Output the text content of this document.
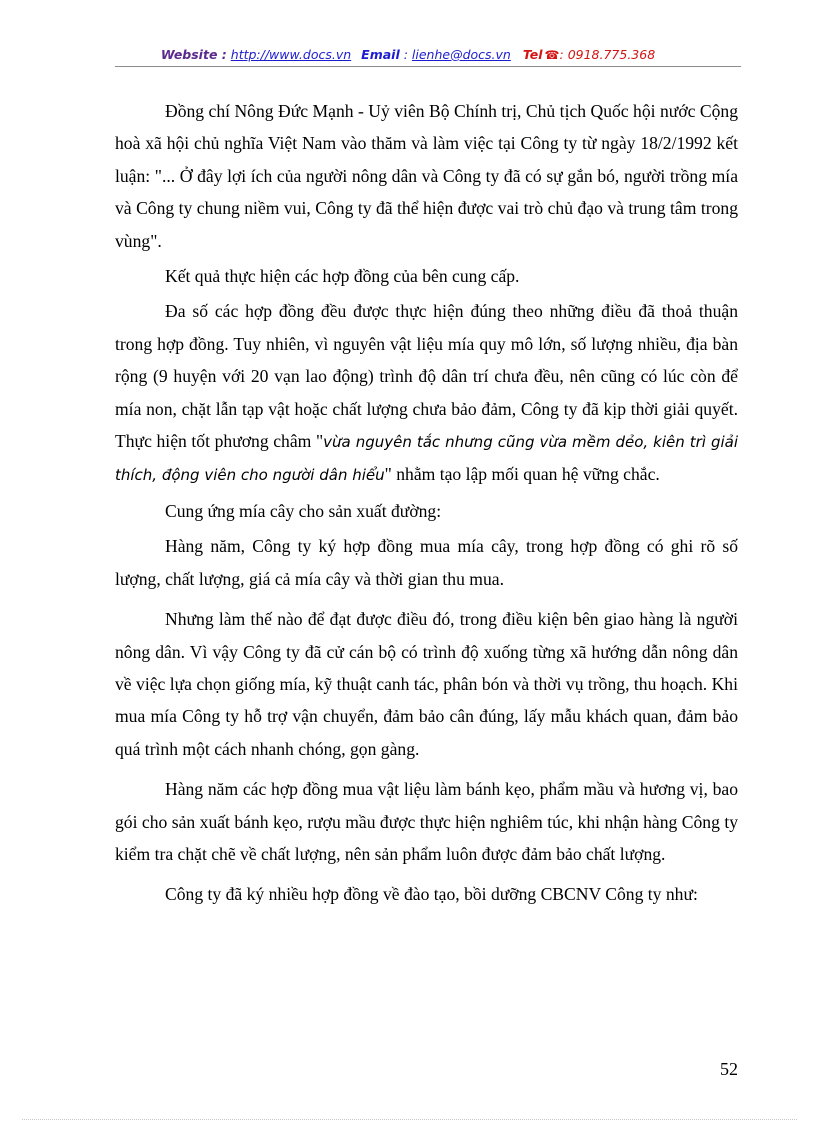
Website : http://www.docs.vn Email : lienhe@docs.vn Tel ☎: 0918.775.368

Đồng chí Nông Đức Mạnh - Uỷ viên Bộ Chính trị, Chủ tịch Quốc hội nước Cộng hoà xã hội chủ nghĩa Việt Nam vào thăm và làm việc tại Công ty từ ngày 18/2/1992 kết luận: "... Ở đây lợi ích của người nông dân và Công ty đã có sự gắn bó, người trồng mía và Công ty chung niềm vui, Công ty đã thể hiện được vai trò chủ đạo và trung tâm trong vùng".

Kết quả thực hiện các hợp đồng của bên cung cấp.

Đa số các hợp đồng đều được thực hiện đúng theo những điều đã thoả thuận trong hợp đồng. Tuy nhiên, vì nguyên vật liệu mía quy mô lớn, số lượng nhiều, địa bàn rộng (9 huyện với 20 vạn lao động) trình độ dân trí chưa đều, nên cũng có lúc còn để mía non, chặt lẫn tạp vật hoặc chất lượng chưa bảo đảm, Công ty đã kịp thời giải quyết. Thực hiện tốt phương châm "vừa nguyên tắc nhưng cũng vừa mềm dẻo, kiên trì giải thích, động viên cho người dân hiểu" nhằm tạo lập mối quan hệ vững chắc.

Cung ứng mía cây cho sản xuất đường:

Hàng năm, Công ty ký hợp đồng mua mía cây, trong hợp đồng có ghi rõ số lượng, chất lượng, giá cả mía cây và thời gian thu mua.

Nhưng làm thế nào để đạt được điều đó, trong điều kiện bên giao hàng là người nông dân. Vì vậy Công ty đã cử cán bộ có trình độ xuống từng xã hướng dẫn nông dân về việc lựa chọn giống mía, kỹ thuật canh tác, phân bón và thời vụ trồng, thu hoạch. Khi mua mía Công ty hỗ trợ vận chuyển, đảm bảo cân đúng, lấy mẫu khách quan, đảm bảo quá trình một cách nhanh chóng, gọn gàng.

Hàng năm các hợp đồng mua vật liệu làm bánh kẹo, phẩm mầu và hương vị, bao gói cho sản xuất bánh kẹo, rượu mầu được thực hiện nghiêm túc, khi nhận hàng Công ty kiểm tra chặt chẽ về chất lượng, nên sản phẩm luôn được đảm bảo chất lượng.

Công ty đã ký nhiều hợp đồng về đào tạo, bồi dưỡng CBCNV Công ty như:

52
